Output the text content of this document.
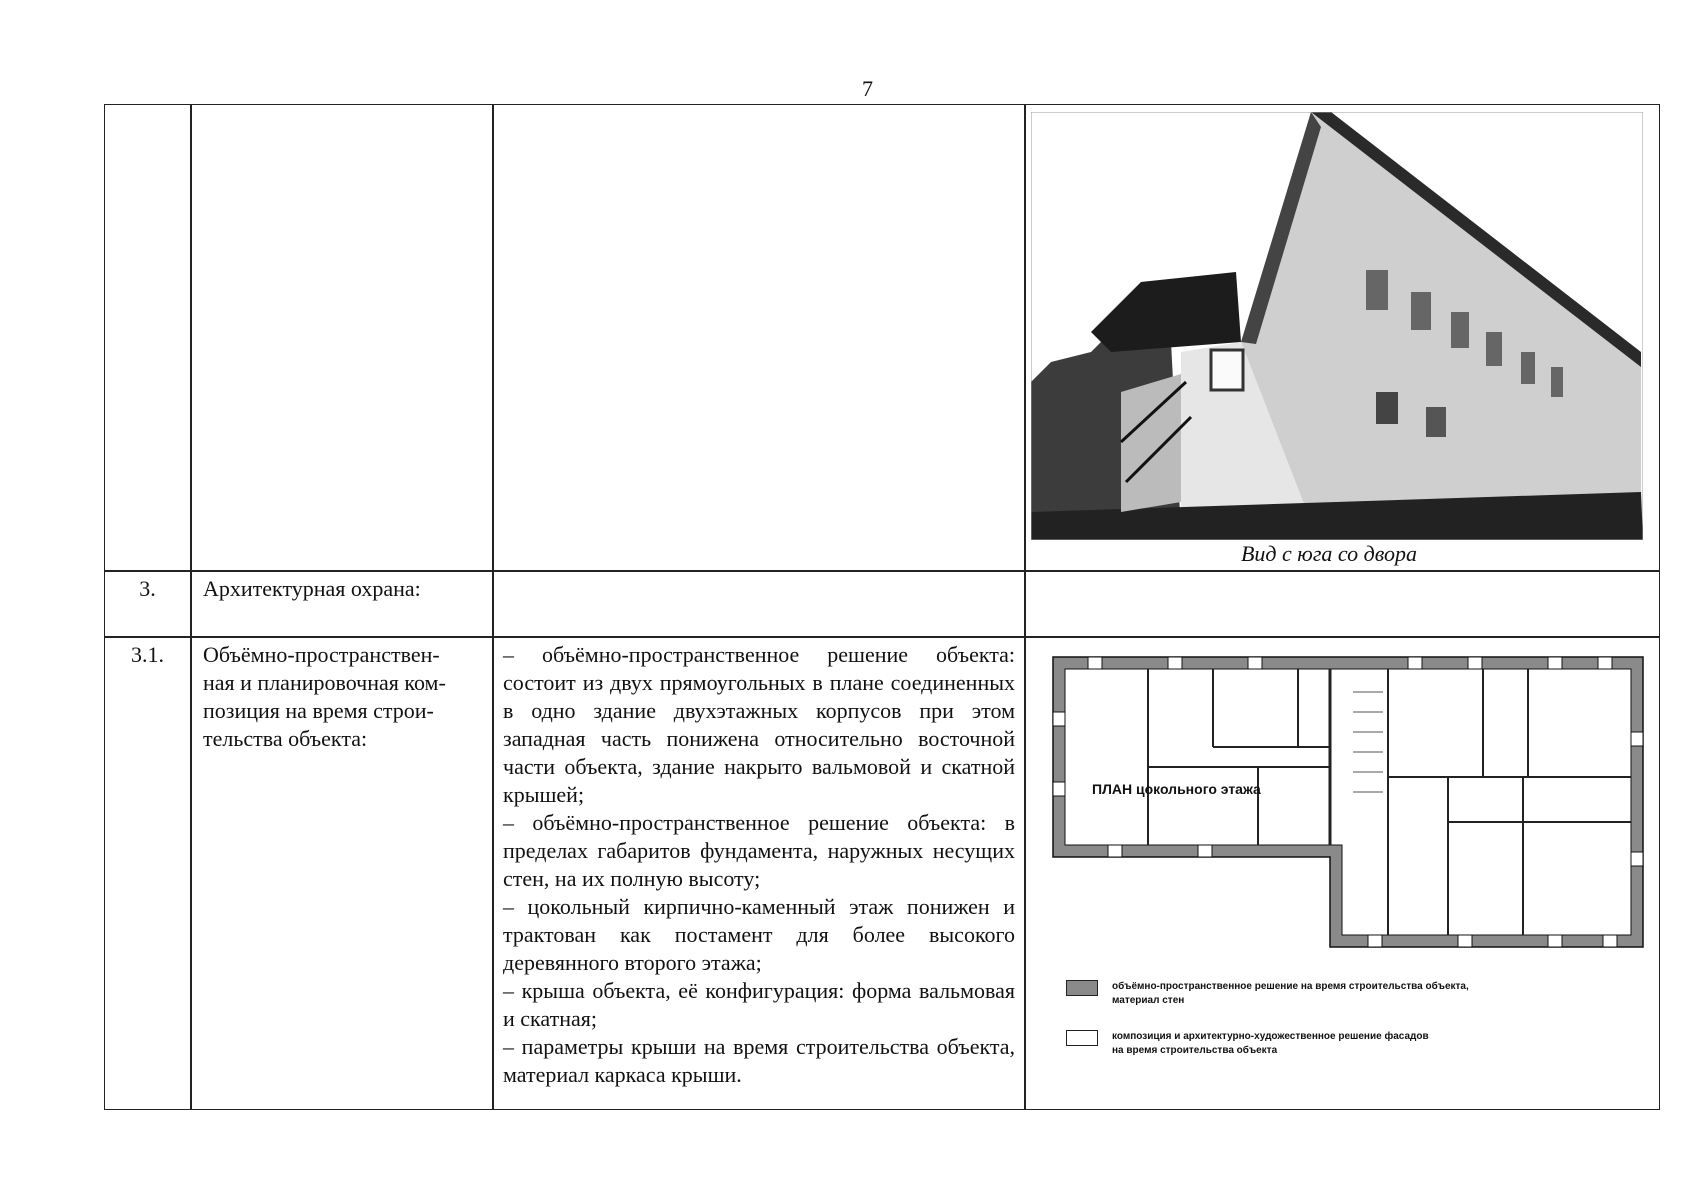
7
3.	Архитектурная охрана:
3.1.	Объёмно-пространствен-
ная и планировочная ком-
позиция на время строи-
тельства объекта:
– объёмно-пространственное решение объекта: состоит из двух прямоугольных в плане соединенных в одно здание двухэтажных корпусов при этом западная часть понижена относительно восточной части объекта, здание накрыто вальмовой и скатной крышей;
– объёмно-пространственное решение объекта: в пределах габаритов фундамента, наружных несущих стен, на их полную высоту;
– цокольный кирпично-каменный этаж понижен и трактован как постамент для более высокого деревянного второго этажа;
– крыша объекта, её конфигурация: форма вальмовая и скатная;
– параметры крыши на время строительства объекта, материал каркаса крыши.
Вид с юга со двора
ПЛАН цокольного этажа
объёмно-пространственное решение на время строительства объекта,
материал стен
композиция и архитектурно-художественное решение фасадов
на время строительства объекта
